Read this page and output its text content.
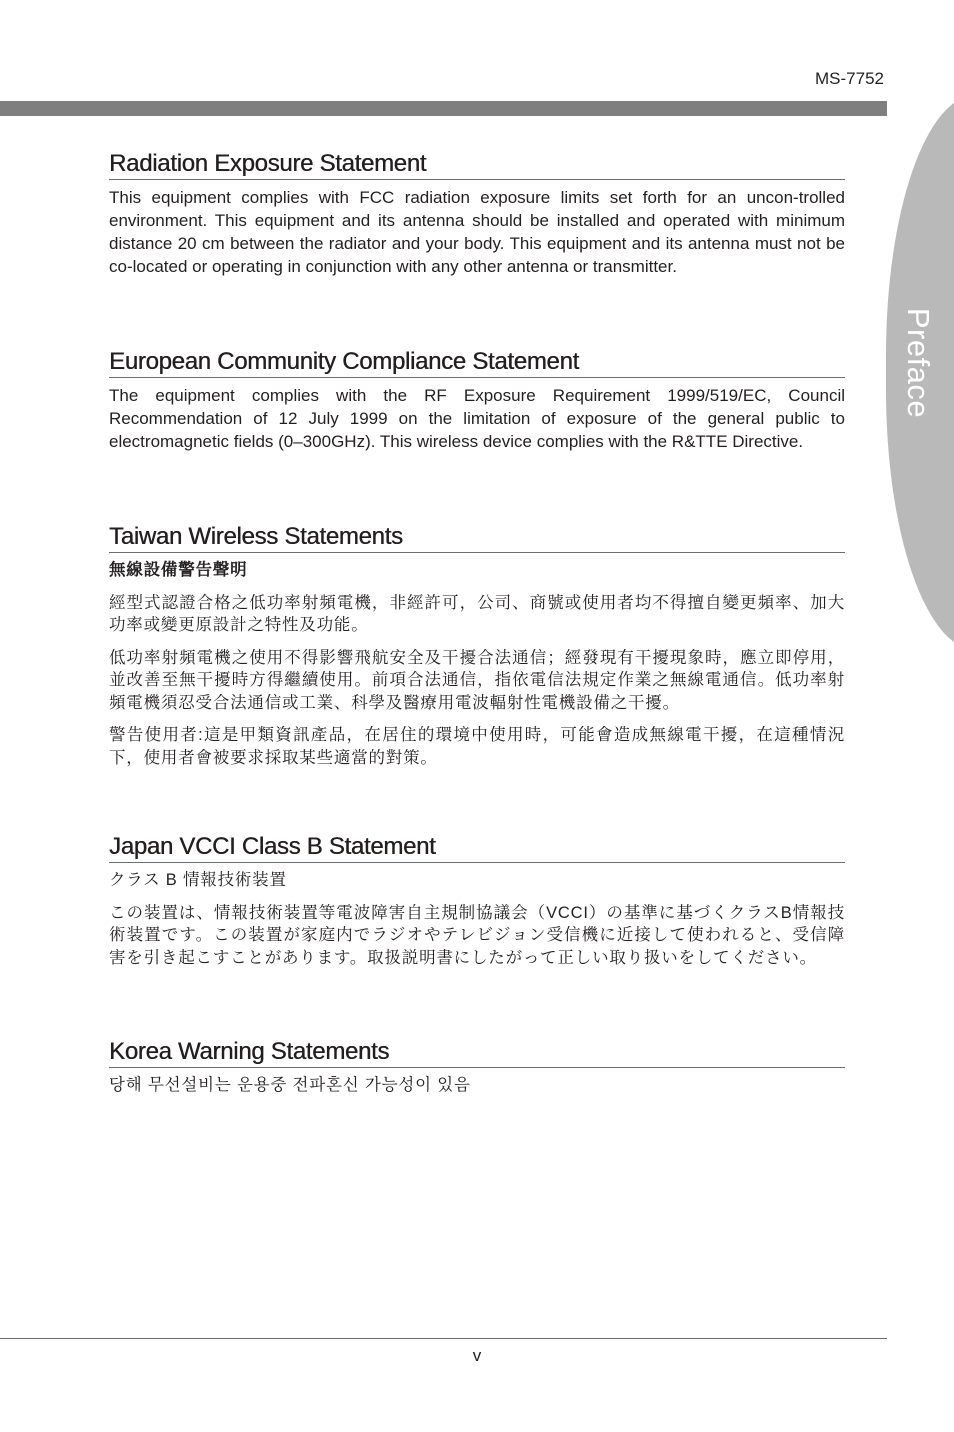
MS-7752
Preface
Radiation Exposure Statement

This equipment complies with FCC radiation exposure limits set forth for an uncon-trolled environment. This equipment and its antenna should be installed and operated with minimum distance 20 cm between the radiator and your body. This equipment and its antenna must not be co-located or operating in conjunction with any other antenna or transmitter.

European Community Compliance Statement

The equipment complies with the RF Exposure Requirement 1999/519/EC, Council Recommendation of 12 July 1999 on the limitation of exposure of the general public to electromagnetic fields (0–300GHz). This wireless device complies with the R&TTE Directive.

Taiwan Wireless Statements

無線設備警告聲明

經型式認證合格之低功率射頻電機，非經許可，公司、商號或使用者均不得擅自變更頻率、加大功率或變更原設計之特性及功能。

低功率射頻電機之使用不得影響飛航安全及干擾合法通信；經發現有干擾現象時，應立即停用，並改善至無干擾時方得繼續使用。前項合法通信，指依電信法規定作業之無線電通信。低功率射頻電機須忍受合法通信或工業、科學及醫療用電波輻射性電機設備之干擾。

警告使用者:這是甲類資訊產品，在居住的環境中使用時，可能會造成無線電干擾，在這種情況下，使用者會被要求採取某些適當的對策。

Japan VCCI Class B Statement

クラス B 情報技術装置

この装置は、情報技術装置等電波障害自主規制協議会（VCCI）の基準に基づくクラスB情報技術装置です。この装置が家庭内でラジオやテレビジョン受信機に近接して使われると、受信障害を引き起こすことがあります。取扱説明書にしたがって正しい取り扱いをしてください。

Korea Warning Statements

당해 무선설비는 운용중 전파혼신 가능성이 있음

v
